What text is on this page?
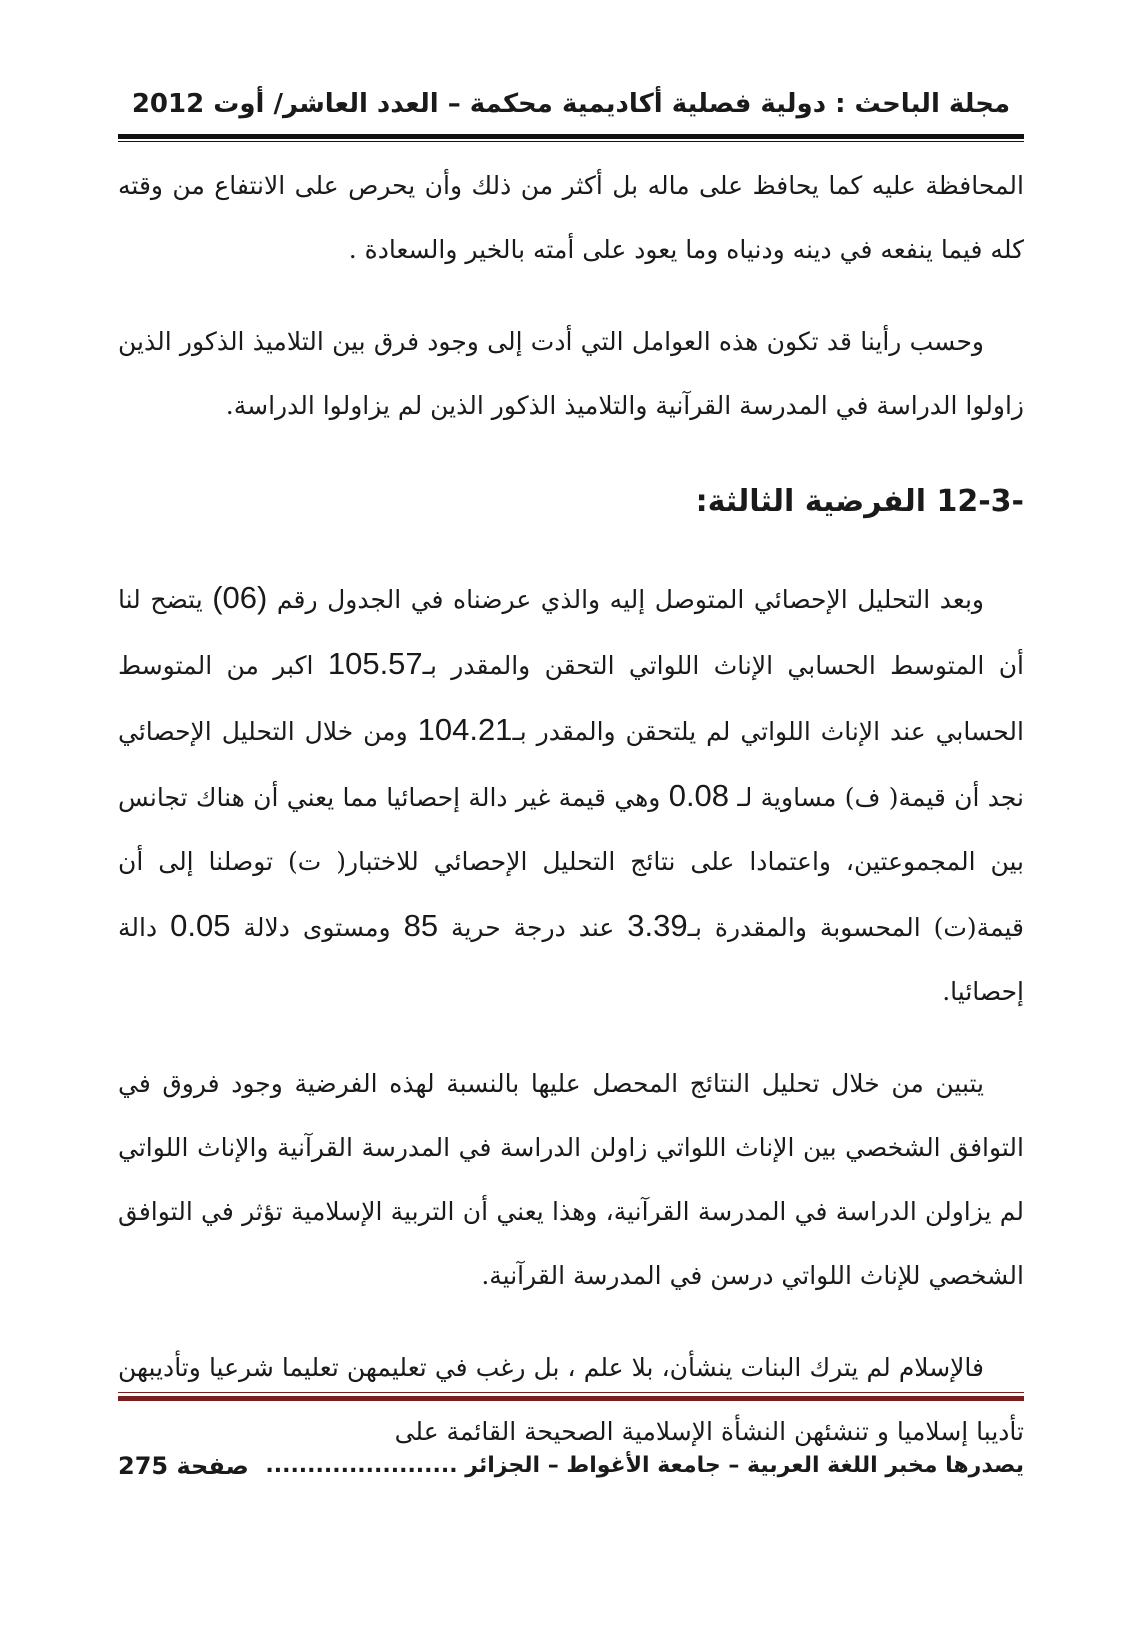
مجلة الباحث : دولية فصلية أكاديمية محكمة – العدد العاشر/ أوت 2012

المحافظة عليه كما يحافظ على ماله بل أكثر من ذلك وأن يحرص على الانتفاع من وقته كله فيما ينفعه في دينه ودنياه وما يعود على أمته بالخير والسعادة .

وحسب رأينا قد تكون هذه العوامل التي أدت إلى وجود فرق بين التلاميذ الذكور الذين زاولوا الدراسة في المدرسة القرآنية والتلاميذ الذكور الذين لم يزاولوا الدراسة.

12-3- الفرضية الثالثة:

وبعد التحليل الإحصائي المتوصل إليه والذي عرضناه في الجدول رقم (06) يتضح لنا أن المتوسط الحسابي الإناث اللواتي التحقن والمقدر بـ105.57 اكبر من المتوسط الحسابي عند الإناث اللواتي لم يلتحقن والمقدر بـ104.21 ومن خلال التحليل الإحصائي نجد أن قيمة( ف) مساوية لـ 0.08 وهي قيمة غير دالة إحصائيا مما يعني أن هناك تجانس بين المجموعتين، واعتمادا على نتائج التحليل الإحصائي للاختبار( ت) توصلنا إلى أن قيمة(ت) المحسوبة والمقدرة بـ3.39 عند درجة حرية 85 ومستوى دلالة 0.05 دالة إحصائيا.

يتبين من خلال تحليل النتائج المحصل عليها بالنسبة لهذه الفرضية وجود فروق في التوافق الشخصي بين الإناث اللواتي زاولن الدراسة في المدرسة القرآنية والإناث اللواتي لم يزاولن الدراسة في المدرسة القرآنية، وهذا يعني أن التربية الإسلامية تؤثر في التوافق الشخصي للإناث اللواتي درسن في المدرسة القرآنية.

فالإسلام لم يترك البنات ينشأن، بلا علم ، بل رغب في تعليمهن تعليما شرعيا وتأديبهن تأديبا إسلاميا و تنشئهن النشأة الإسلامية الصحيحة القائمة على

يصدرها مخبر اللغة العربية – جامعة الأغواط – الجزائر .......................
صفحة 275
